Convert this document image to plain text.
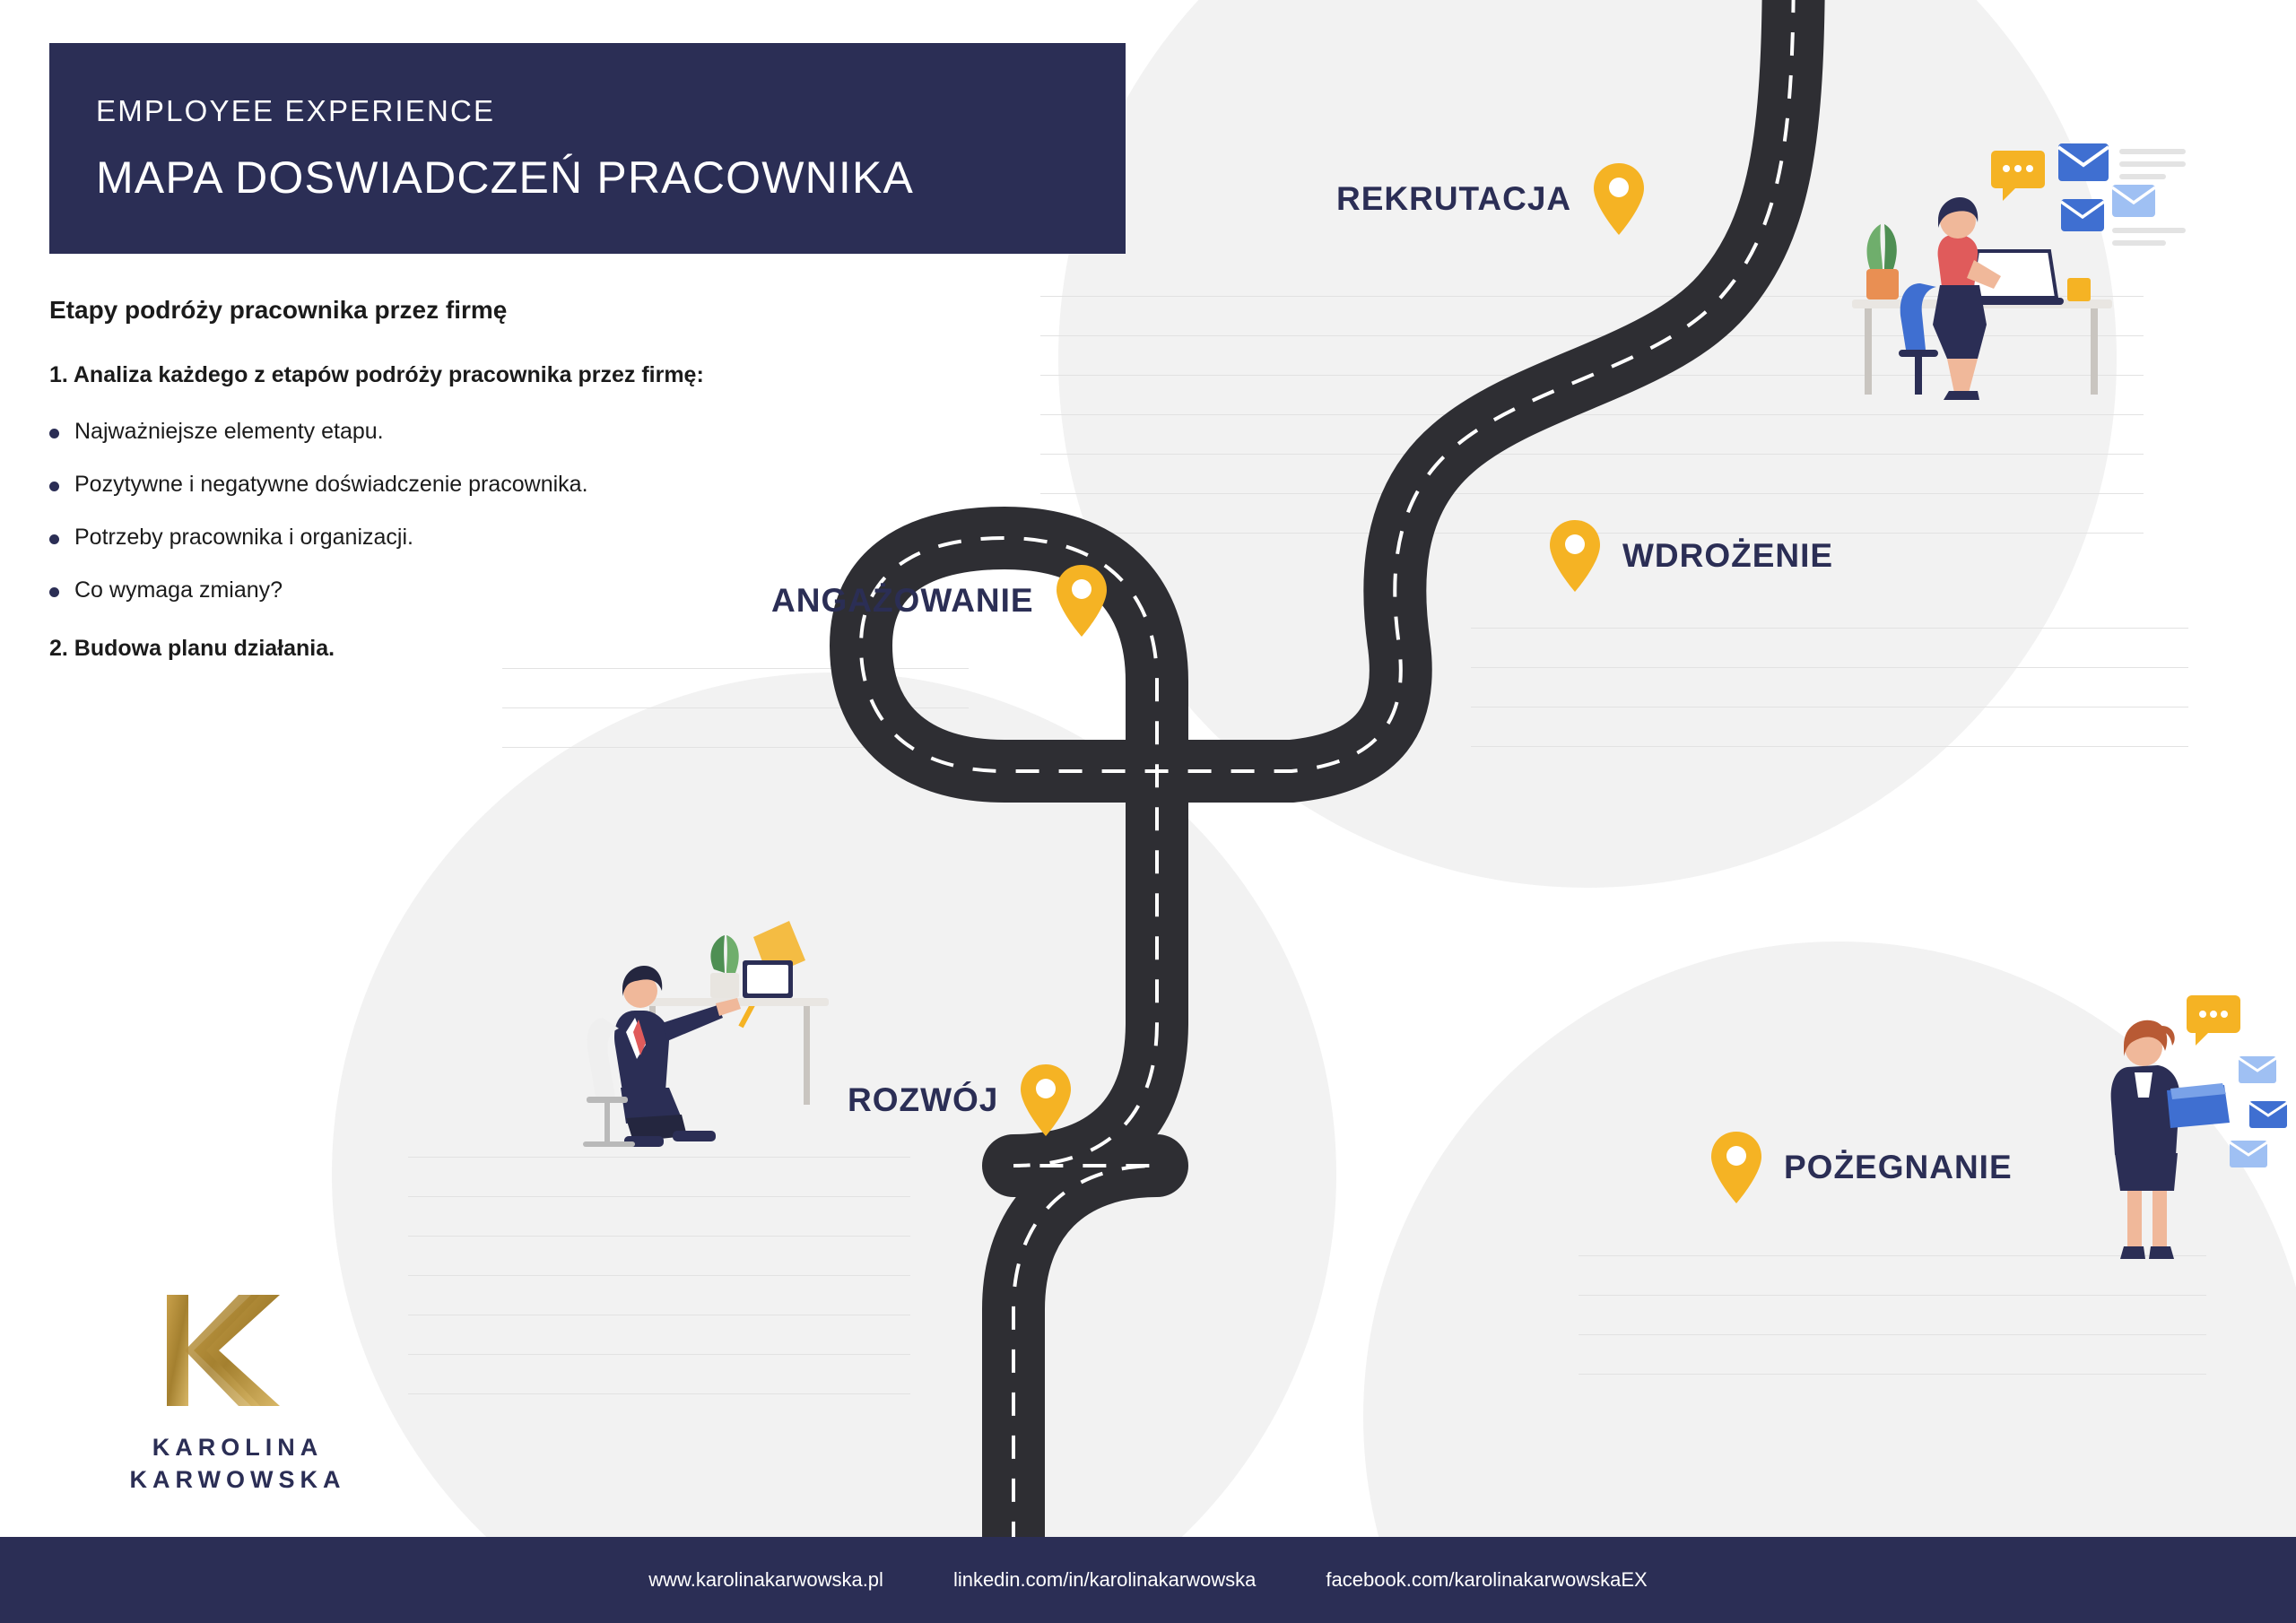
EMPLOYEE EXPERIENCE
MAPA DOSWIADCZEŃ PRACOWNIKA
Etapy podróży pracownika przez firmę
1. Analiza każdego z etapów podróży pracownika przez firmę:
Najważniejsze elementy etapu.
Pozytywne i negatywne doświadczenie pracownika.
Potrzeby pracownika i organizacji.
Co wymaga zmiany?
2. Budowa planu działania.
REKRUTACJA
WDROŻENIE
ANGAŻOWANIE
ROZWÓJ
POŻEGNANIE
KAROLINA
KARWOWSKA
www.karolinakarwowska.pl	linkedin.com/in/karolinakarwowska	facebook.com/karolinakarwowskaEX
